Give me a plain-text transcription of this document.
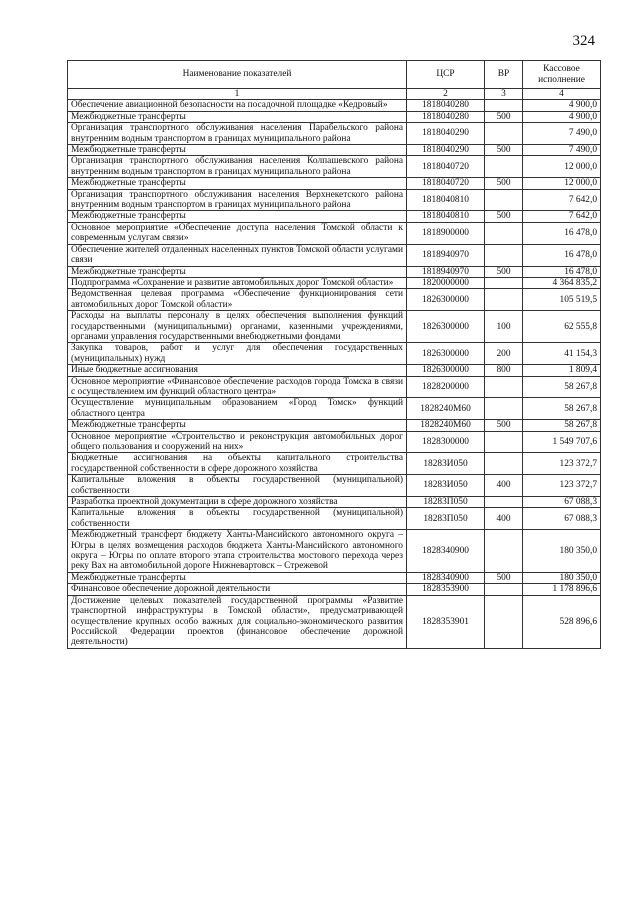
324
Наименование показателей	ЦСР	ВР	Кассовое исполнение
1	2	3	4
Обеспечение авиационной безопасности на посадочной площадке «Кедровый»	1818040280		4 900,0
Межбюджетные трансферты	1818040280	500	4 900,0
Организация транспортного обслуживания населения Парабельского района внутренним водным транспортом в границах муниципального района	1818040290		7 490,0
Межбюджетные трансферты	1818040290	500	7 490,0
Организация транспортного обслуживания населения Колпашевского района внутренним водным транспортом в границах муниципального района	1818040720		12 000,0
Межбюджетные трансферты	1818040720	500	12 000,0
Организация транспортного обслуживания населения Верхнекетского района внутренним водным транспортом в границах муниципального района	1818040810		7 642,0
Межбюджетные трансферты	1818040810	500	7 642,0
Основное мероприятие «Обеспечение доступа населения Томской области к современным услугам связи»	1818900000		16 478,0
Обеспечение жителей отдаленных населенных пунктов Томской области услугами связи	1818940970		16 478,0
Межбюджетные трансферты	1818940970	500	16 478,0
Подпрограмма «Сохранение и развитие автомобильных дорог Томской области»	1820000000		4 364 835,2
Ведомственная целевая программа «Обеспечение функционирования сети автомобильных дорог Томской области»	1826300000		105 519,5
Расходы на выплаты персоналу в целях обеспечения выполнения функций государственными (муниципальными) органами, казенными учреждениями, органами управления государственными внебюджетными фондами	1826300000	100	62 555,8
Закупка товаров, работ и услуг для обеспечения государственных (муниципальных) нужд	1826300000	200	41 154,3
Иные бюджетные ассигнования	1826300000	800	1 809,4
Основное мероприятие «Финансовое обеспечение расходов города Томска в связи с осуществлением им функций областного центра»	1828200000		58 267,8
Осуществление муниципальным образованием «Город Томск» функций областного центра	1828240М60		58 267,8
Межбюджетные трансферты	1828240М60	500	58 267,8
Основное мероприятие «Строительство и реконструкция автомобильных дорог общего пользования и сооружений на них»	1828300000		1 549 707,6
Бюджетные ассигнования на объекты капитального строительства государственной собственности в сфере дорожного хозяйства	18283И050		123 372,7
Капитальные вложения в объекты государственной (муниципальной) собственности	18283И050	400	123 372,7
Разработка проектной документации в сфере дорожного хозяйства	18283П050		67 088,3
Капитальные вложения в объекты государственной (муниципальной) собственности	18283П050	400	67 088,3
Межбюджетный трансферт бюджету Ханты-Мансийского автономного округа – Югры в целях возмещения расходов бюджета Ханты-Мансийского автономного округа – Югры по оплате второго этапа строительства мостового перехода через реку Вах на автомобильной дороге Нижневартовск – Стрежевой	1828340900		180 350,0
Межбюджетные трансферты	1828340900	500	180 350,0
Финансовое обеспечение дорожной деятельности	1828353900		1 178 896,6
Достижение целевых показателей государственной программы «Развитие транспортной инфраструктуры в Томской области», предусматривающей осуществление крупных особо важных для социально-экономического развития Российской Федерации проектов (финансовое обеспечение дорожной деятельности)	1828353901		528 896,6
